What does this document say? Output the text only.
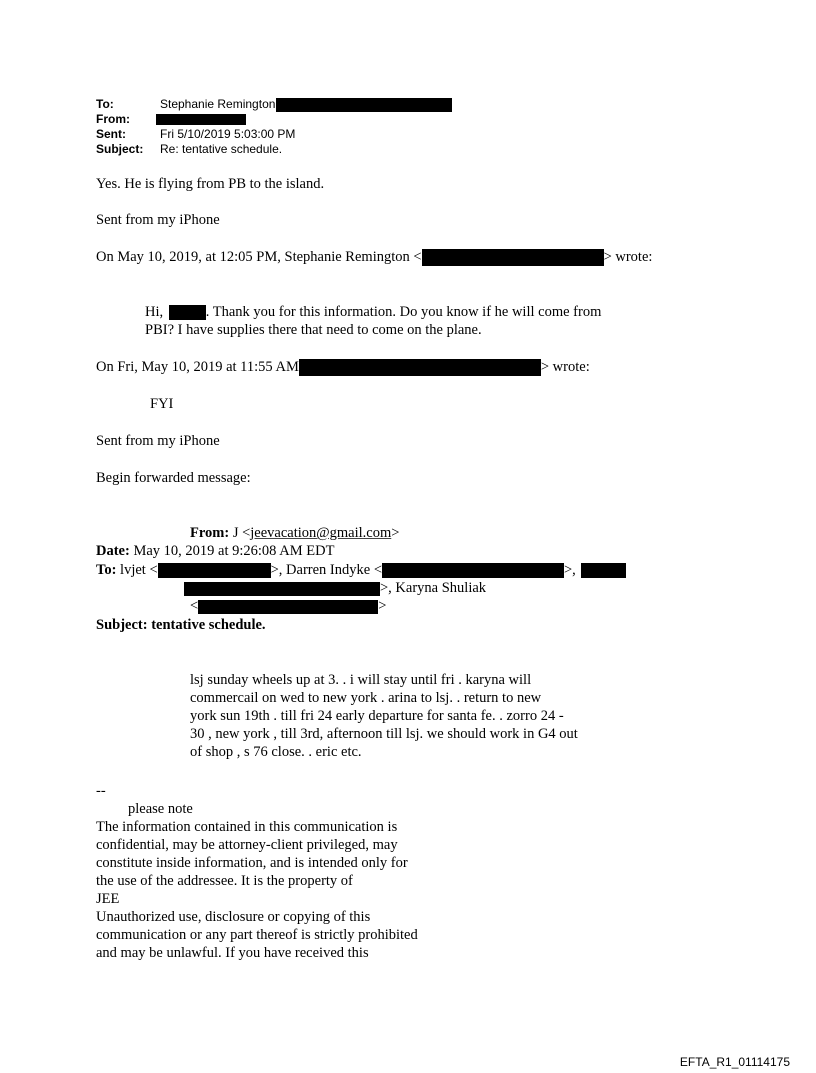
To:	Stephanie Remington
From:
Sent:	Fri 5/10/2019 5:03:00 PM
Subject: Re: tentative schedule.
Yes. He is flying from PB to the island.
Sent from my iPhone
On May 10, 2019, at 12:05 PM, Stephanie Remington <	> wrote:
Hi,	. Thank you for this information. Do you know if he will come from
PBI? I have supplies there that need to come on the plane.
On Fri, May 10, 2019 at 11:55 AM	> wrote:
FYI
Sent from my iPhone
Begin forwarded message:
From: J <jeevacation@gmail.com>
Date: May 10, 2019 at 9:26:08 AM EDT
To: lvjet <	>, Darren Indyke <	>,
>, Karyna Shuliak
<	>
Subject: tentative schedule.
lsj sunday wheels up at 3. . i will stay until fri . karyna will
commercail on wed to new york . arina to lsj. . return to new
york sun 19th . till fri 24 early departure for santa fe. . zorro 24 -
30 , new york , till 3rd, afternoon till lsj. we should work in G4 out
of shop , s 76 close. . eric etc.
--
please note
The information contained in this communication is
confidential, may be attorney-client privileged, may
constitute inside information, and is intended only for
the use of the addressee. It is the property of
JEE
Unauthorized use, disclosure or copying of this
communication or any part thereof is strictly prohibited
and may be unlawful. If you have received this
EFTA_R1_01114175
